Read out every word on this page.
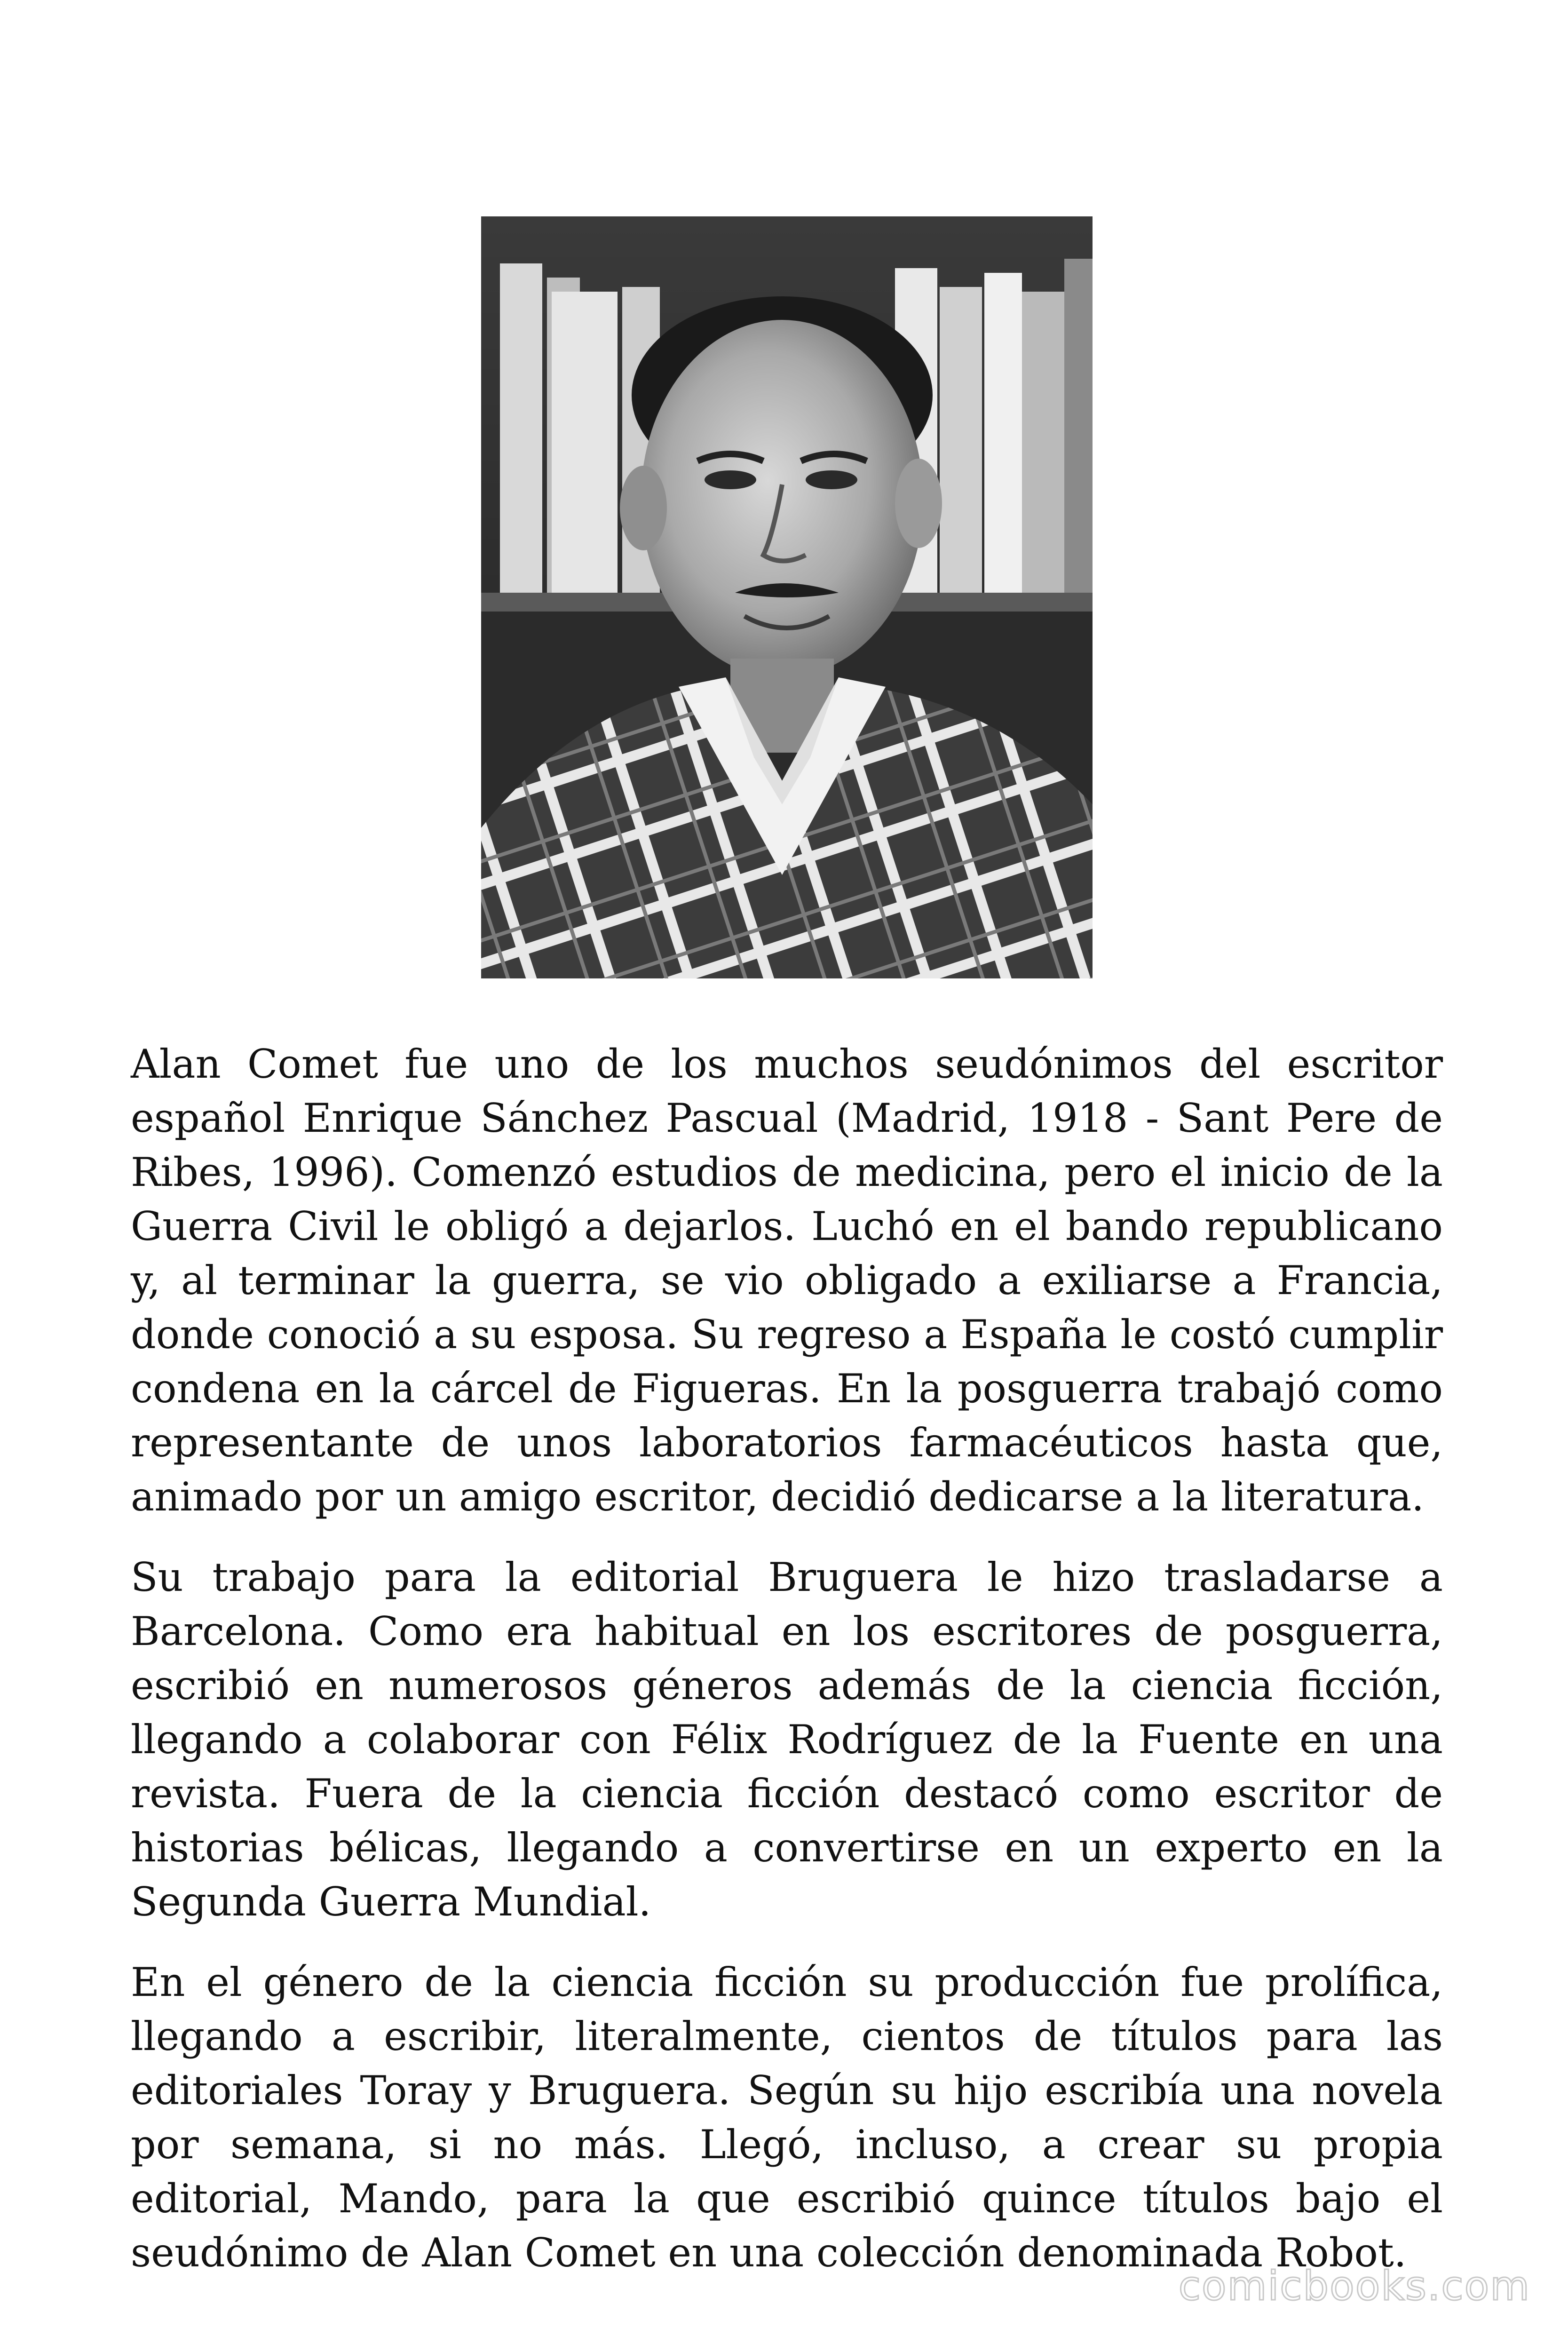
Alan Comet fue uno de los muchos seudónimos del escritor español Enrique Sánchez Pascual (Madrid, 1918 - Sant Pere de Ribes, 1996). Comenzó estudios de medicina, pero el inicio de la Guerra Civil le obligó a dejarlos. Luchó en el bando republicano y, al terminar la guerra, se vio obligado a exiliarse a Francia, donde conoció a su esposa. Su regreso a España le costó cumplir condena en la cárcel de Figueras. En la posguerra trabajó como representante de unos laboratorios farmacéuticos hasta que, animado por un amigo escritor, decidió dedicarse a la literatura.

Su trabajo para la editorial Bruguera le hizo trasladarse a Barcelona. Como era habitual en los escritores de posguerra, escribió en numerosos géneros además de la ciencia ficción, llegando a colaborar con Félix Rodríguez de la Fuente en una revista. Fuera de la ciencia ficción destacó como escritor de historias bélicas, llegando a convertirse en un experto en la Segunda Guerra Mundial.

En el género de la ciencia ficción su producción fue prolífica, llegando a escribir, literalmente, cientos de títulos para las editoriales Toray y Bruguera. Según su hijo escribía una novela por semana, si no más. Llegó, incluso, a crear su propia editorial, Mando, para la que escribió quince títulos bajo el seudónimo de Alan Comet en una colección denominada Robot.

comicbooks.com
